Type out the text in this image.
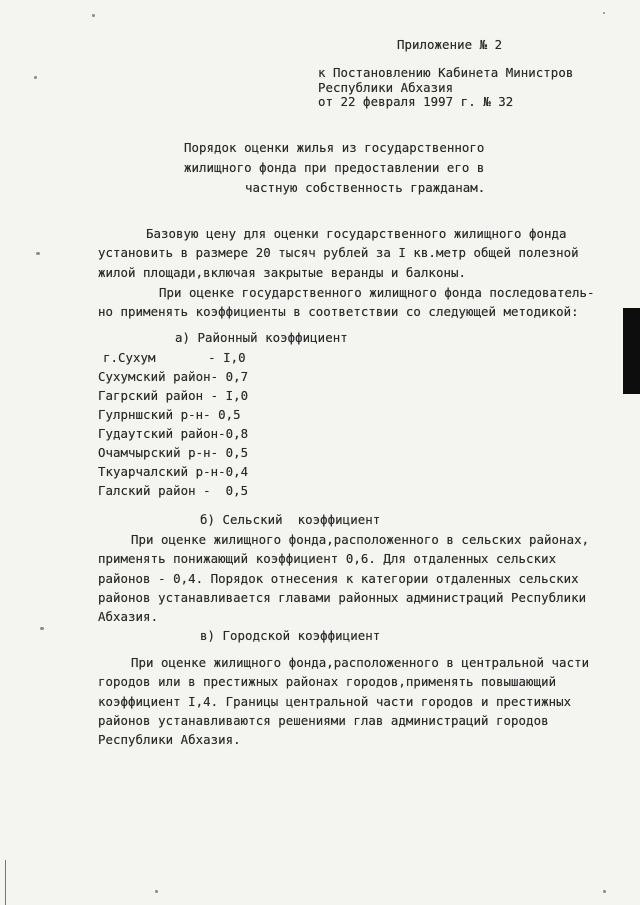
Приложение № 2
к Постановлению Кабинета Министров
Республики Абхазия
от 22 февраля 1997 г. № 32
Порядок оценки жилья из государственного
жилищного фонда при предоставлении его в
частную собственность гражданам.
Базовую цену для оценки государственного жилищного фонда
установить в размере 20 тысяч рублей за I кв.метр общей полезной
жилой площади,включая закрытые веранды и балконы.
При оценке государственного жилищного фонда последователь-
но применять коэффициенты в соответствии со следующей методикой:
а) Районный коэффициент
г.Сухум       - I,0
Сухумский район- 0,7
Гагрский район - I,0
Гулрншский р-н- 0,5
Гудаутский район-0,8
Очамчырский р-н- 0,5
Ткуарчалский р-н-0,4
Галский район -  0,5
б) Сельский  коэффициент
При оценке жилищного фонда,расположенного в сельских районах,
применять понижающий коэффициент 0,6. Для отдаленных сельских
районов - 0,4. Порядок отнесения к категории отдаленных сельских
районов устанавливается главами районных администраций Республики
Абхазия.
в) Городской коэффициент
При оценке жилищного фонда,расположенного в центральной части
городов или в престижных районах городов,применять повышающий
коэффициент I,4. Границы центральной части городов и престижных
районов устанавливаются решениями глав администраций городов
Республики Абхазия.
